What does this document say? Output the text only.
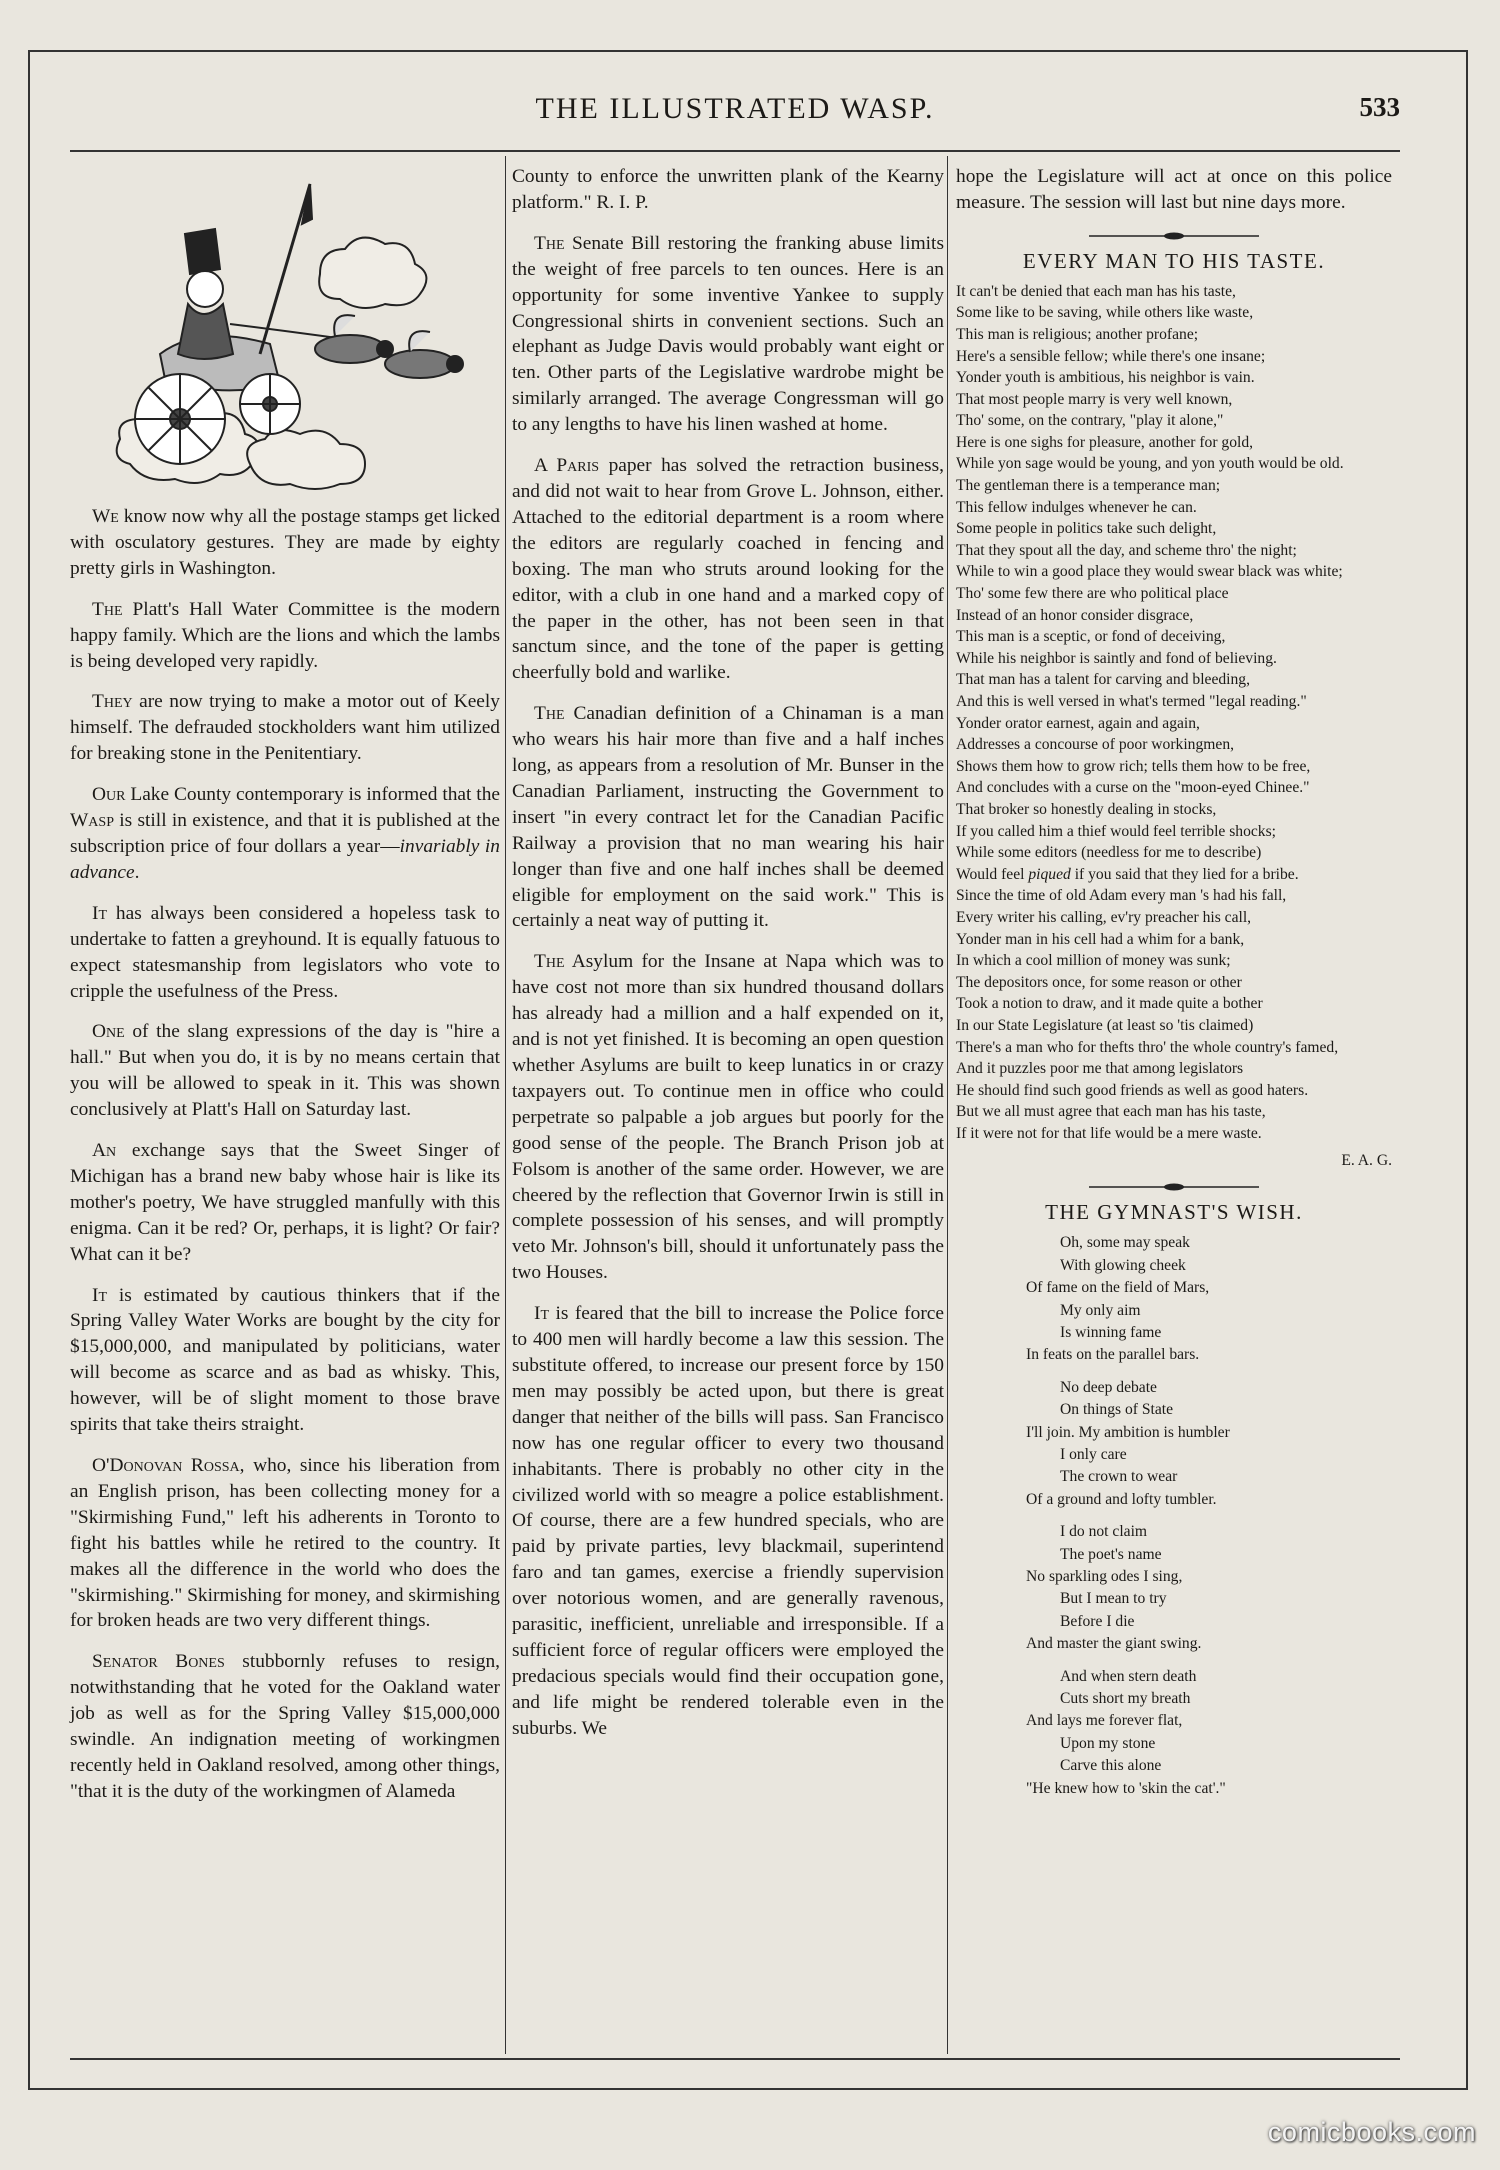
THE ILLUSTRATED WASP.	533

We know now why all the postage stamps get licked with osculatory gestures. They are made by eighty pretty girls in Washington.

The Platt's Hall Water Committee is the modern happy family. Which are the lions and which the lambs is being developed very rapidly.

They are now trying to make a motor out of Keely himself. The defrauded stockholders want him utilized for breaking stone in the Penitentiary.

Our Lake County contemporary is informed that the Wasp is still in existence, and that it is published at the subscription price of four dollars a year—invariably in advance.

It has always been considered a hopeless task to undertake to fatten a greyhound. It is equally fatuous to expect statesmanship from legislators who vote to cripple the usefulness of the Press.

One of the slang expressions of the day is "hire a hall." But when you do, it is by no means certain that you will be allowed to speak in it. This was shown conclusively at Platt's Hall on Saturday last.

An exchange says that the Sweet Singer of Michigan has a brand new baby whose hair is like its mother's poetry, We have struggled manfully with this enigma. Can it be red? Or, perhaps, it is light? Or fair? What can it be?

It is estimated by cautious thinkers that if the Spring Valley Water Works are bought by the city for $15,000,000, and manipulated by politicians, water will become as scarce and as bad as whisky. This, however, will be of slight moment to those brave spirits that take theirs straight.

O'Donovan Rossa, who, since his liberation from an English prison, has been collecting money for a "Skirmishing Fund," left his adherents in Toronto to fight his battles while he retired to the country. It makes all the difference in the world who does the "skirmishing." Skirmishing for money, and skirmishing for broken heads are two very different things.

Senator Bones stubbornly refuses to resign, notwithstanding that he voted for the Oakland water job as well as for the Spring Valley $15,000,000 swindle. An indignation meeting of workingmen recently held in Oakland resolved, among other things, "that it is the duty of the workingmen of Alameda

County to enforce the unwritten plank of the Kearny platform." R. I. P.

The Senate Bill restoring the franking abuse limits the weight of free parcels to ten ounces. Here is an opportunity for some inventive Yankee to supply Congressional shirts in convenient sections. Such an elephant as Judge Davis would probably want eight or ten. Other parts of the Legislative wardrobe might be similarly arranged. The average Congressman will go to any lengths to have his linen washed at home.

A Paris paper has solved the retraction business, and did not wait to hear from Grove L. Johnson, either. Attached to the editorial department is a room where the editors are regularly coached in fencing and boxing. The man who struts around looking for the editor, with a club in one hand and a marked copy of the paper in the other, has not been seen in that sanctum since, and the tone of the paper is getting cheerfully bold and warlike.

The Canadian definition of a Chinaman is a man who wears his hair more than five and a half inches long, as appears from a resolution of Mr. Bunser in the Canadian Parliament, instructing the Government to insert "in every contract let for the Canadian Pacific Railway a provision that no man wearing his hair longer than five and one half inches shall be deemed eligible for employment on the said work." This is certainly a neat way of putting it.

The Asylum for the Insane at Napa which was to have cost not more than six hundred thousand dollars has already had a million and a half expended on it, and is not yet finished. It is becoming an open question whether Asylums are built to keep lunatics in or crazy taxpayers out. To continue men in office who could perpetrate so palpable a job argues but poorly for the good sense of the people. The Branch Prison job at Folsom is another of the same order. However, we are cheered by the reflection that Governor Irwin is still in complete possession of his senses, and will promptly veto Mr. Johnson's bill, should it unfortunately pass the two Houses.

It is feared that the bill to increase the Police force to 400 men will hardly become a law this session. The substitute offered, to increase our present force by 150 men may possibly be acted upon, but there is great danger that neither of the bills will pass. San Francisco now has one regular officer to every two thousand inhabitants. There is probably no other city in the civilized world with so meagre a police establishment. Of course, there are a few hundred specials, who are paid by private parties, levy blackmail, superintend faro and tan games, exercise a friendly supervision over notorious women, and are generally ravenous, parasitic, inefficient, unreliable and irresponsible. If a sufficient force of regular officers were employed the predacious specials would find their occupation gone, and life might be rendered tolerable even in the suburbs. We

hope the Legislature will act at once on this police measure. The session will last but nine days more.

EVERY MAN TO HIS TASTE.
It can't be denied that each man has his taste,
Some like to be saving, while others like waste,
This man is religious; another profane;
Here's a sensible fellow; while there's one insane;
Yonder youth is ambitious, his neighbor is vain.
That most people marry is very well known,
Tho' some, on the contrary, "play it alone,"
Here is one sighs for pleasure, another for gold,
While yon sage would be young, and yon youth would be old.
The gentleman there is a temperance man;
This fellow indulges whenever he can.
Some people in politics take such delight,
That they spout all the day, and scheme thro' the night;
While to win a good place they would swear black was white;
Tho' some few there are who political place
Instead of an honor consider disgrace,
This man is a sceptic, or fond of deceiving,
While his neighbor is saintly and fond of believing.
That man has a talent for carving and bleeding,
And this is well versed in what's termed "legal reading."
Yonder orator earnest, again and again,
Addresses a concourse of poor workingmen,
Shows them how to grow rich; tells them how to be free,
And concludes with a curse on the "moon-eyed Chinee."
That broker so honestly dealing in stocks,
If you called him a thief would feel terrible shocks;
While some editors (needless for me to describe)
Would feel piqued if you said that they lied for a bribe.
Since the time of old Adam every man 's had his fall,
Every writer his calling, ev'ry preacher his call,
Yonder man in his cell had a whim for a bank,
In which a cool million of money was sunk;
The depositors once, for some reason or other
Took a notion to draw, and it made quite a bother
In our State Legislature (at least so 'tis claimed)
There's a man who for thefts thro' the whole country's famed,
And it puzzles poor me that among legislators
He should find such good friends as well as good haters.
But we all must agree that each man has his taste,
If it were not for that life would be a mere waste.
E. A. G.
THE GYMNAST'S WISH.
Oh, some may speak
With glowing cheek
Of fame on the field of Mars,
My only aim
Is winning fame
In feats on the parallel bars.
No deep debate
On things of State
I'll join. My ambition is humbler
I only care
The crown to wear
Of a ground and lofty tumbler.
I do not claim
The poet's name
No sparkling odes I sing,
But I mean to try
Before I die
And master the giant swing.
And when stern death
Cuts short my breath
And lays me forever flat,
Upon my stone
Carve this alone
"He knew how to 'skin the cat'."
comicbooks.com
